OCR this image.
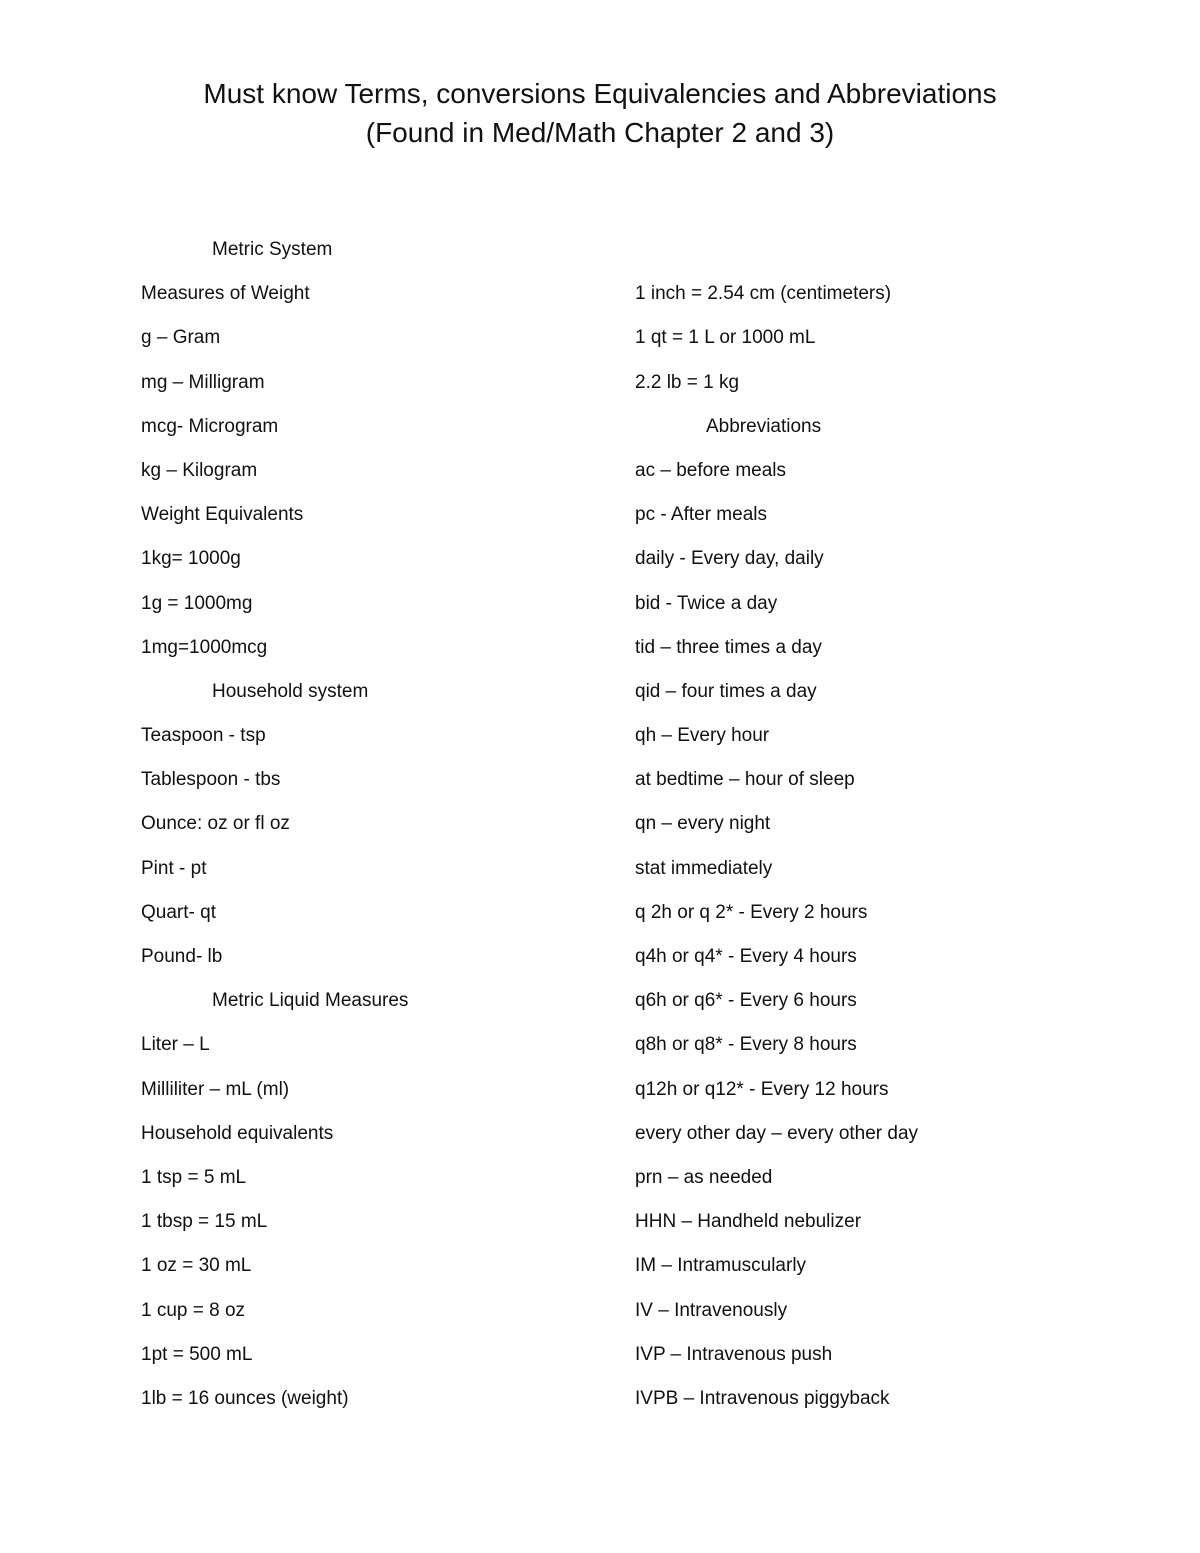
Must know Terms, conversions Equivalencies and Abbreviations
(Found in Med/Math Chapter 2 and 3)
Metric System
Measures of Weight
g – Gram
mg – Milligram
mcg- Microgram
kg – Kilogram
Weight Equivalents
1kg= 1000g
1g = 1000mg
1mg=1000mcg
Household system
Teaspoon - tsp
Tablespoon - tbs
Ounce: oz or fl oz
Pint - pt
Quart- qt
Pound- lb
Metric Liquid Measures
Liter – L
Milliliter – mL (ml)
Household equivalents
1 tsp = 5 mL
1 tbsp = 15 mL
1 oz = 30 mL
1 cup = 8 oz
1pt = 500 mL
1lb = 16 ounces (weight)
1 inch = 2.54 cm (centimeters)
1 qt = 1 L or 1000 mL
2.2 lb = 1 kg
Abbreviations
ac – before meals
pc - After meals
daily - Every day, daily
bid - Twice a day
tid – three times a day
qid – four times a day
qh – Every hour
at bedtime – hour of sleep
qn – every night
stat immediately
q 2h or q 2* - Every 2 hours
q4h or q4* - Every 4 hours
q6h or q6* - Every 6 hours
q8h or q8* - Every 8 hours
q12h or q12* - Every 12 hours
every other day – every other day
prn – as needed
HHN – Handheld nebulizer
IM – Intramuscularly
IV – Intravenously
IVP – Intravenous push
IVPB – Intravenous piggyback
